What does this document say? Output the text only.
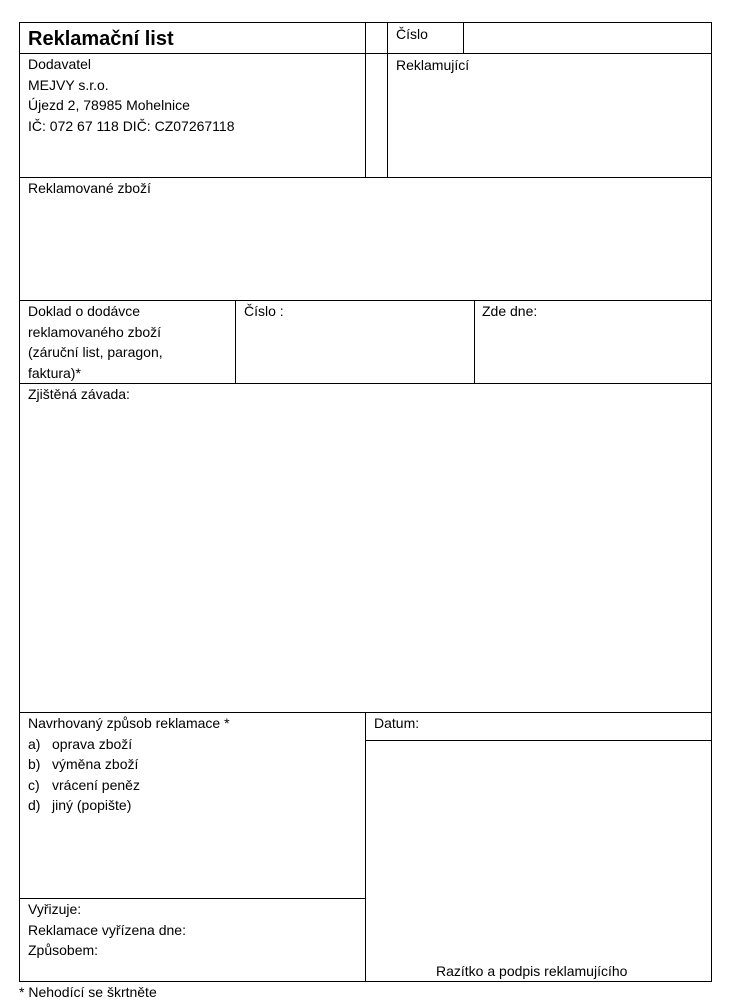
Reklamační list	Číslo
Dodavatel
MEJVY s.r.o.
Újezd 2, 78985 Mohelnice
IČ: 072 67 118 DIČ: CZ07267118
Reklamující
Reklamované zboží
Doklad o dodávce
reklamovaného zboží
(záruční list, paragon,
faktura)*
Číslo :	Zde dne:
Zjištěná závada:
Navrhovaný způsob reklamace *
a) oprava zboží
b) výměna zboží
c) vrácení peněz
d) jiný (popište)
Datum:
Razítko a podpis reklamujícího
Vyřizuje:
Reklamace vyřízena dne:
Způsobem:
* Nehodící se škrtněte
